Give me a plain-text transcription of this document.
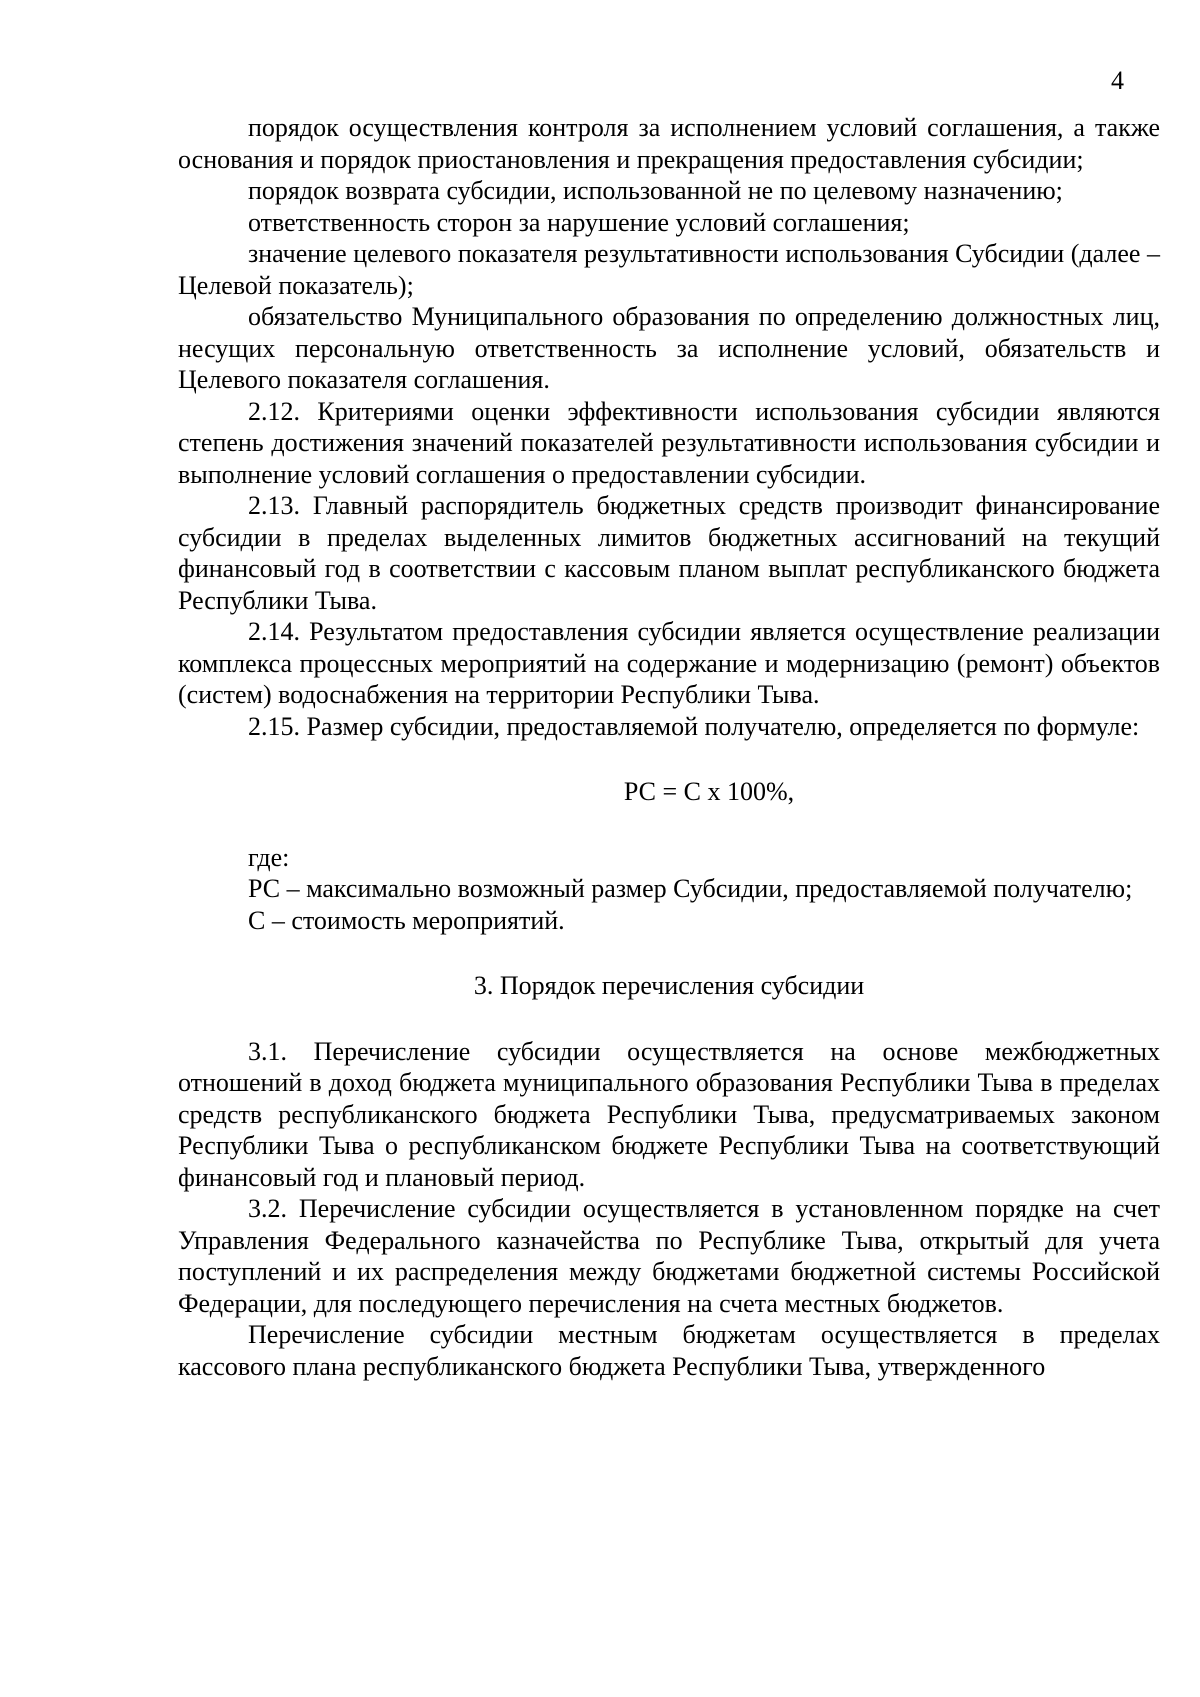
4

порядок осуществления контроля за исполнением условий соглашения, а также основания и порядок приостановления и прекращения предоставления субсидии;

порядок возврата субсидии, использованной не по целевому назначению;

ответственность сторон за нарушение условий соглашения;

значение целевого показателя результативности использования Субсидии (далее – Целевой показатель);

обязательство Муниципального образования по определению должностных лиц, несущих персональную ответственность за исполнение условий, обязательств и Целевого показателя соглашения.

2.12. Критериями оценки эффективности использования субсидии являются степень достижения значений показателей результативности использования субсидии и выполнение условий соглашения о предоставлении субсидии.

2.13. Главный распорядитель бюджетных средств производит финансирование субсидии в пределах выделенных лимитов бюджетных ассигнований на текущий финансовый год в соответствии с кассовым планом выплат республиканского бюджета Республики Тыва.

2.14. Результатом предоставления субсидии является осуществление реализации комплекса процессных мероприятий на содержание и модернизацию (ремонт) объектов (систем) водоснабжения на территории Республики Тыва.

2.15. Размер субсидии, предоставляемой получателю, определяется по формуле:

РС = С х 100%,

где:

РС – максимально возможный размер Субсидии, предоставляемой получателю;

С – стоимость мероприятий.

3. Порядок перечисления субсидии

3.1. Перечисление субсидии осуществляется на основе межбюджетных отношений в доход бюджета муниципального образования Республики Тыва в пределах средств республиканского бюджета Республики Тыва, предусматриваемых законом Республики Тыва о республиканском бюджете Республики Тыва на соответствующий финансовый год и плановый период.

3.2. Перечисление субсидии осуществляется в установленном порядке на счет Управления Федерального казначейства по Республике Тыва, открытый для учета поступлений и их распределения между бюджетами бюджетной системы Российской Федерации, для последующего перечисления на счета местных бюджетов.

Перечисление субсидии местным бюджетам осуществляется в пределах кассового плана республиканского бюджета Республики Тыва, утвержденного
